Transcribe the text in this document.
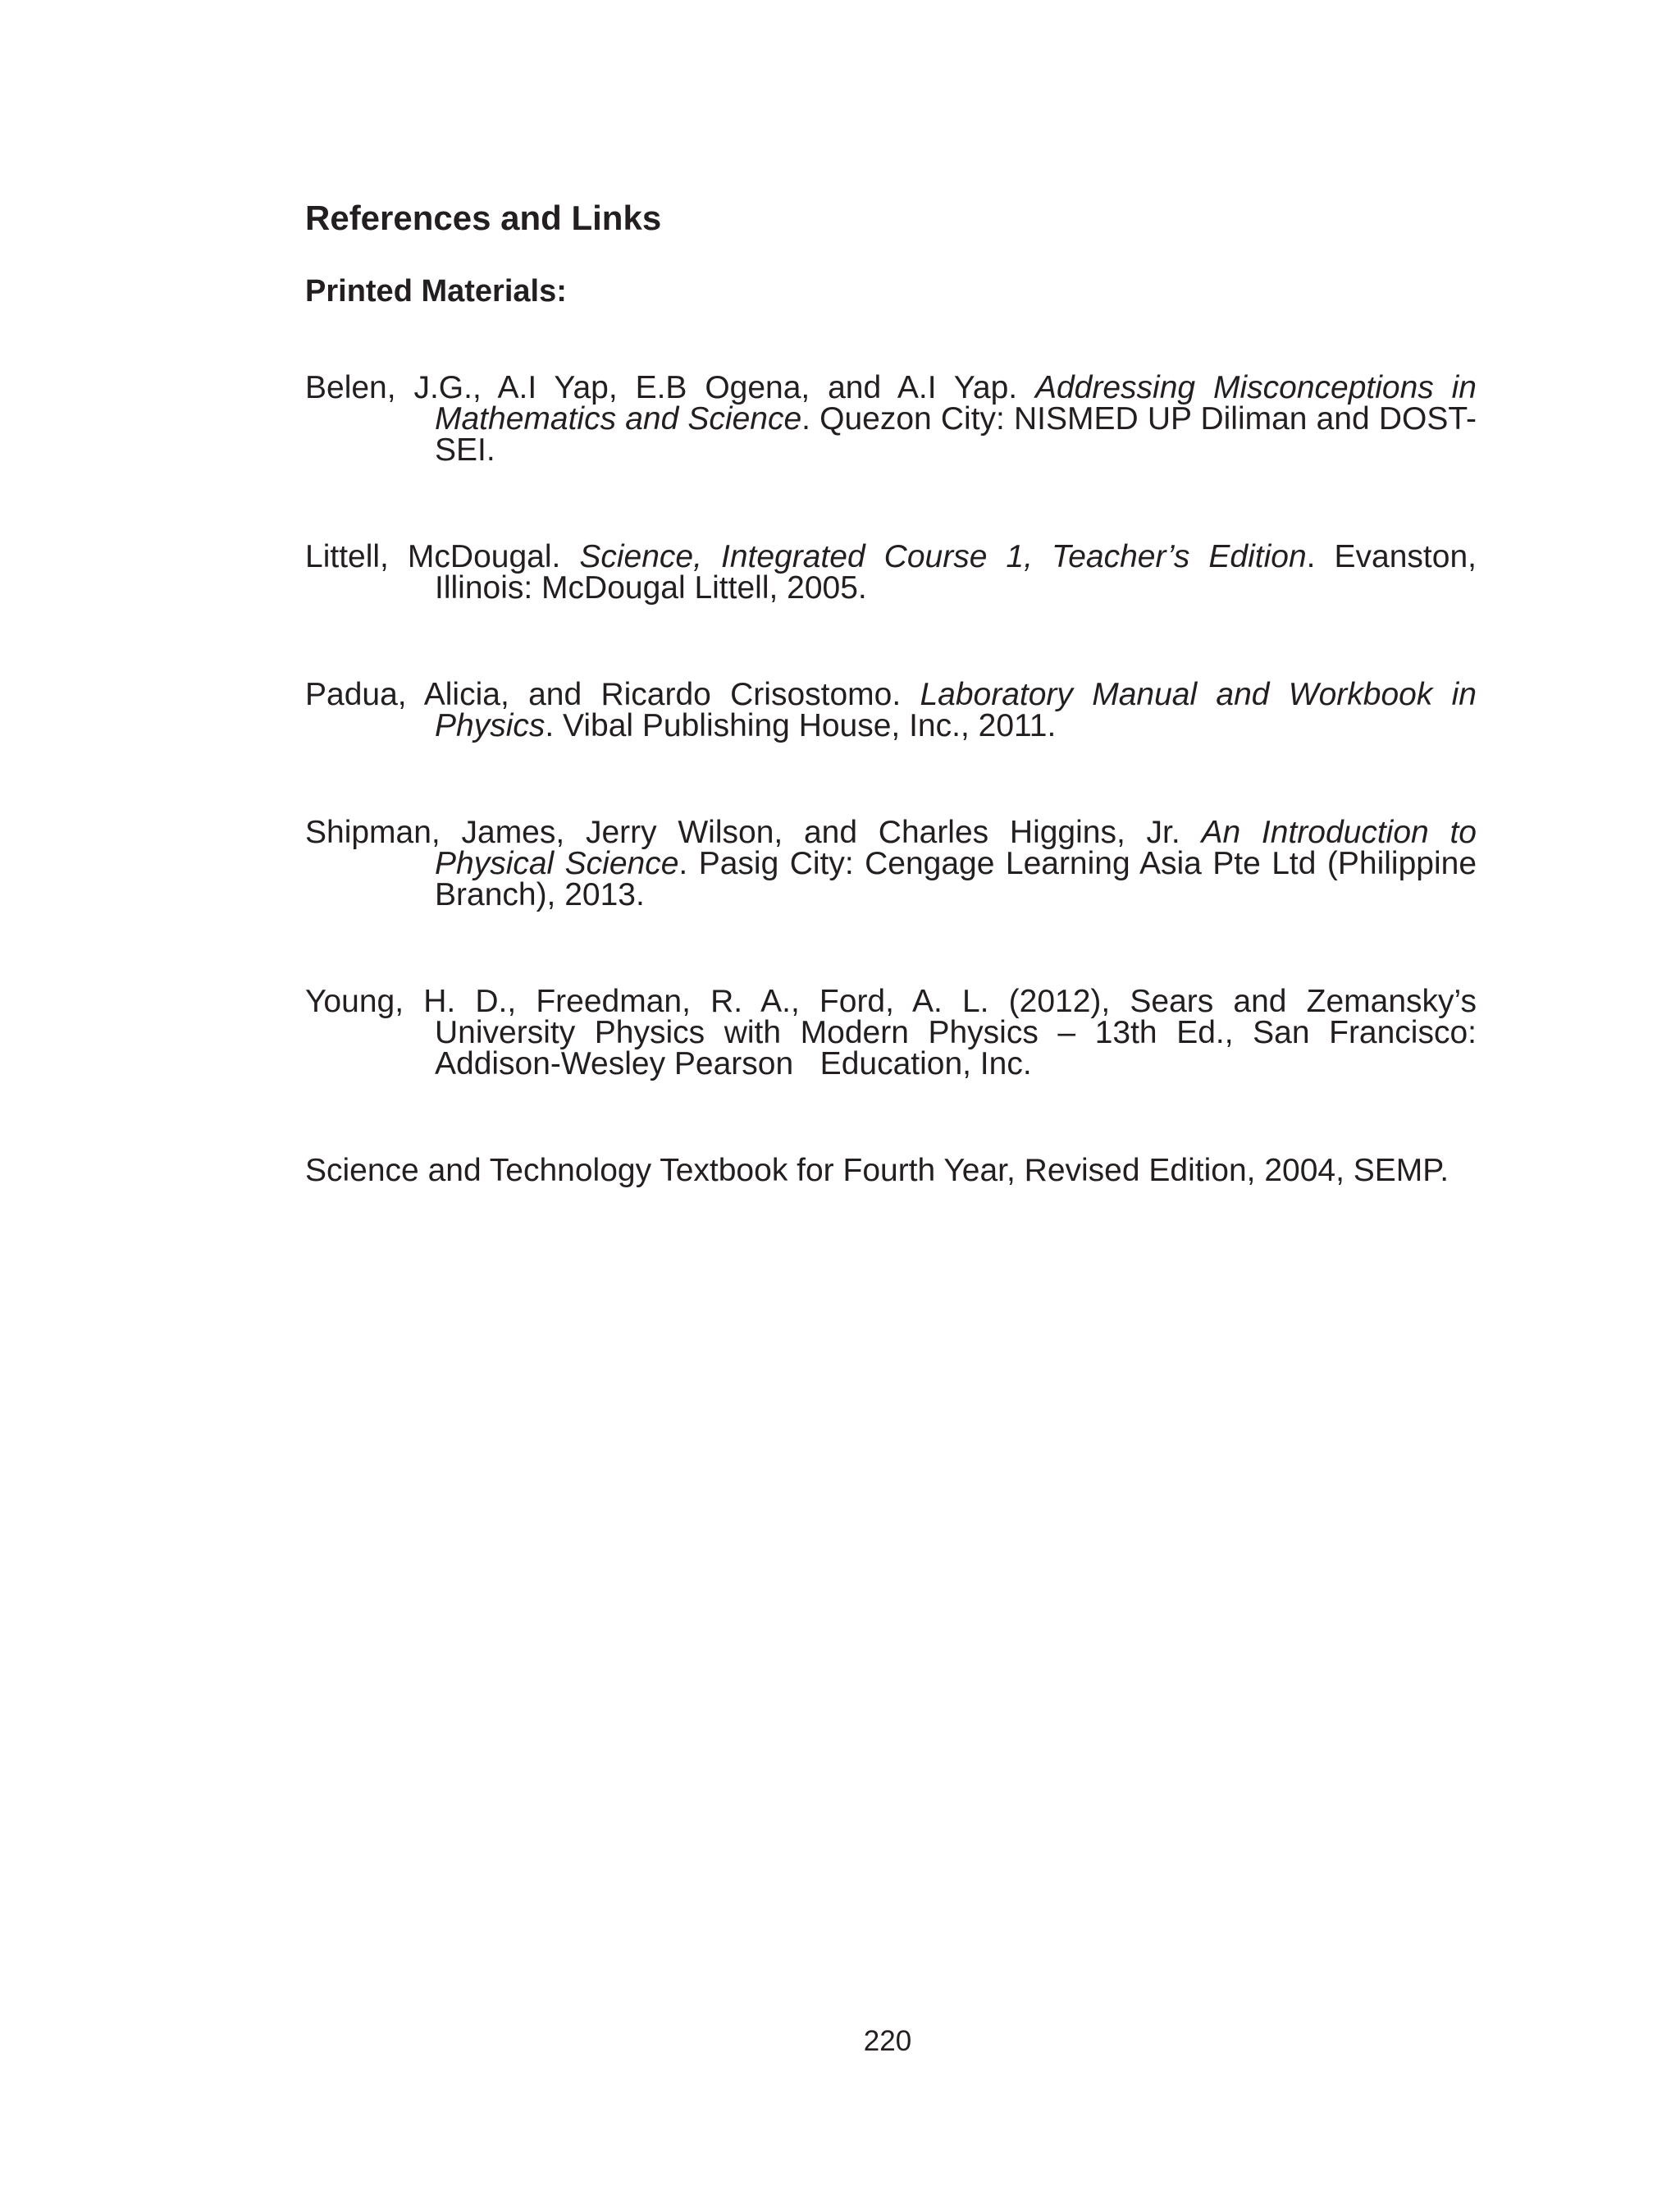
References and Links
Printed Materials:

Belen, J.G., A.I Yap, E.B Ogena, and A.I Yap. Addressing Misconceptions in Mathematics and Science. Quezon City: NISMED UP Diliman and DOST-SEI.

Littell, McDougal. Science, Integrated Course 1, Teacher’s Edition. Evanston, Illinois: McDougal Littell, 2005.

Padua, Alicia, and Ricardo Crisostomo. Laboratory Manual and Workbook in Physics. Vibal Publishing House, Inc., 2011.

Shipman, James, Jerry Wilson, and Charles Higgins, Jr. An Introduction to Physical Science. Pasig City: Cengage Learning Asia Pte Ltd (Philippine Branch), 2013.

Young, H. D., Freedman, R. A., Ford, A. L. (2012), Sears and Zemansky’s University Physics with Modern Physics – 13th Ed., San Francisco: Addison-Wesley Pearson   Education, Inc.

Science and Technology Textbook for Fourth Year, Revised Edition, 2004, SEMP.

220
